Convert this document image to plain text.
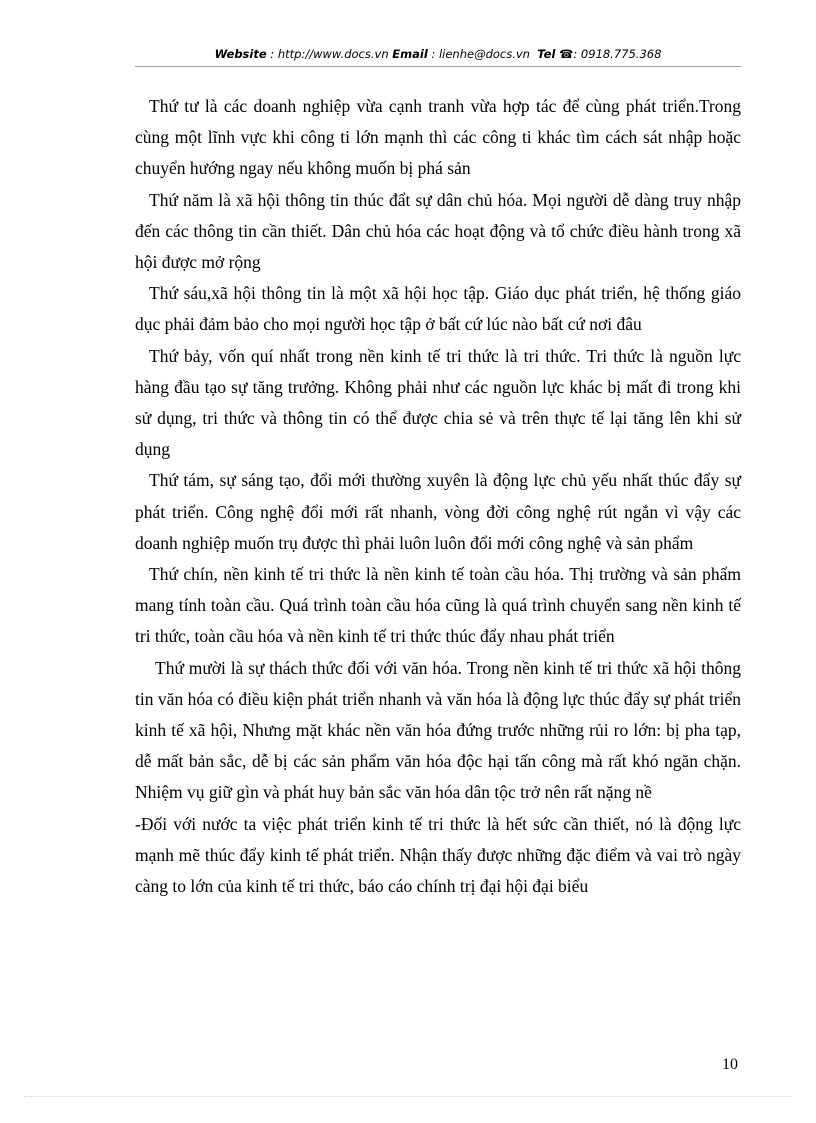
Website : http://www.docs.vn Email : lienhe@docs.vn Tel ☎: 0918.775.368

Thứ tư là các doanh nghiệp vừa cạnh tranh vừa hợp tác để cùng phát triển.Trong cùng một lĩnh vực khi công ti lớn mạnh thì các công ti khác tìm cách sát nhập hoặc chuyển hướng ngay nếu không muốn bị phá sản

Thứ năm là xã hội thông tin thúc đẩt sự dân chủ hóa. Mọi người dễ dàng truy nhập đến các thông tin cần thiết. Dân chủ hóa các hoạt động và tổ chức điều hành trong xã hội được mở rộng

Thứ sáu,xã hội thông tin là một xã hội học tập. Giáo dục phát triển, hệ thống giáo dục phải đảm bảo cho mọi người học tập ở bất cứ lúc nào bất cứ nơi đâu

Thứ bảy, vốn quí nhất trong nền kinh tế tri thức là tri thức. Tri thức là nguồn lực hàng đầu tạo sự tăng trưởng. Không phải như các nguồn lực khác bị mất đi trong khi sử dụng, tri thức và thông tin có thể được chia sẻ và trên thực tế lại tăng lên khi sử dụng

Thứ tám, sự sáng tạo, đổi mới thường xuyên là động lực chủ yếu nhất thúc đẩy sự phát triển. Công nghệ đổi mới rất nhanh, vòng đời công nghệ rút ngắn vì vậy các doanh nghiệp muốn trụ được thì phải luôn luôn đổi mới công nghệ và sản phẩm

Thứ chín, nền kinh tế tri thức là nền kinh tế toàn cầu hóa. Thị trường và sản phẩm mang tính toàn cầu. Quá trình toàn cầu hóa cũng là quá trình chuyển sang nền kinh tế tri thức, toàn cầu hóa và nền kinh tế tri thức thúc đẩy nhau phát triển

Thứ mười là sự thách thức đối với văn hóa. Trong nền kinh tế tri thức xã hội thông tin văn hóa có điều kiện phát triển nhanh và văn hóa là động lực thúc đẩy sự phát triển kinh tế xã hội, Nhưng mặt khác nền văn hóa đứng trước những rủi ro lớn: bị pha tạp, dễ mất bản sắc, dễ bị các sản phẩm văn hóa độc hại tấn công mà rất khó ngăn chặn. Nhiệm vụ giữ gìn và phát huy bản sắc văn hóa dân tộc trở nên rất nặng nề

-Đối với nước ta việc phát triển kinh tế tri thức là hết sức cần thiết, nó là động lực mạnh mẽ thúc đẩy kinh tế phát triển. Nhận thấy được những đặc điểm và vai trò ngày càng to lớn của kinh tế tri thức, báo cáo chính trị đại hội đại biểu

10
